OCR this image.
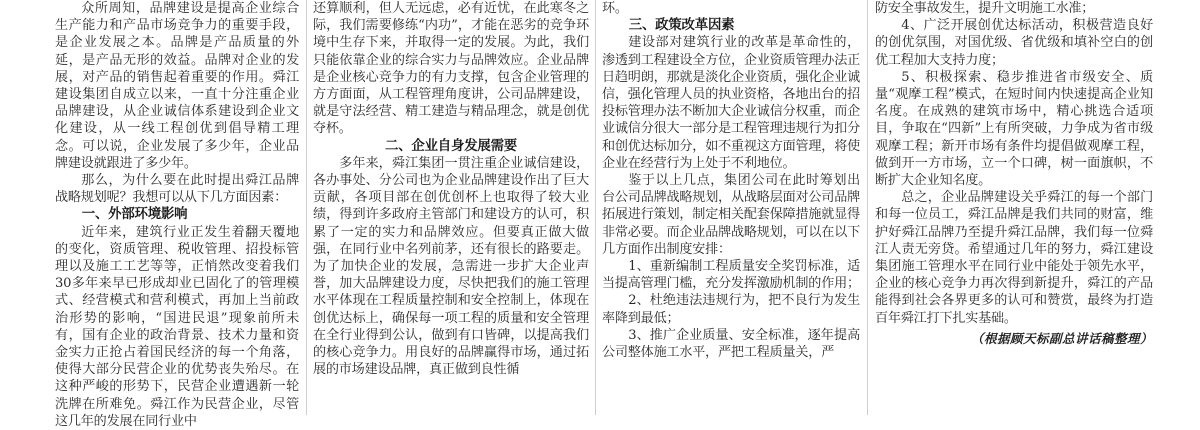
众所周知，品牌建设是提高企业综合生产能力和产品市场竞争力的重要手段，是企业发展之本。品牌是产品质量的外延，是产品无形的效益。品牌对企业的发展，对产品的销售起着重要的作用。舜江建设集团自成立以来，一直十分注重企业品牌建设，从企业诚信体系建设到企业文化建设，从一线工程创优到倡导精工理念。可以说，企业发展了多少年，企业品牌建设就跟进了多少年。

那么，为什么要在此时提出舜江品牌战略规划呢？我想可以从下几方面因素：

一、外部环境影响

近年来，建筑行业正发生着翻天覆地的变化，资质管理、税收管理、招投标管理以及施工工艺等等，正悄然改变着我们30多年来早已形成却业已固化了的管理模式、经营模式和营利模式，再加上当前政治形势的影响，“国进民退”现象前所未有，国有企业的政治背景、技术力量和资金实力正抢占着国民经济的每一个角落，使得大部分民营企业的优势丧失殆尽。在这种严峻的形势下，民营企业遭遇新一轮洗牌在所难免。舜江作为民营企业，尽管这几年的发展在同行业中

还算顺利，但人无远虑，必有近忧，在此寒冬之际，我们需要修练“内功”，才能在恶劣的竞争环境中生存下来，并取得一定的发展。为此，我们只能依靠企业的综合实力与品牌效应。企业品牌是企业核心竞争力的有力支撑，包含企业管理的方方面面，从工程管理角度讲，公司品牌建设，就是守法经营、精工建造与精品理念，就是创优夺杯。

二、企业自身发展需要

多年来，舜江集团一贯注重企业诚信建设，各办事处、分公司也为企业品牌建设作出了巨大贡献，各项目部在创优创杯上也取得了较大业绩，得到许多政府主管部门和建设方的认可，积累了一定的实力和品牌效应。但要真正做大做强，在同行业中名列前茅，还有很长的路要走。为了加快企业的发展，急需进一步扩大企业声誉，加大品牌建设力度，尽快把我们的施工管理水平体现在工程质量控制和安全控制上，体现在创优达标上，确保每一项工程的质量和安全管理在全行业得到公认，做到有口皆碑，以提高我们的核心竞争力。用良好的品牌赢得市场，通过拓展的市场建设品牌，真正做到良性循

环。

三、政策改革因素

建设部对建筑行业的改革是革命性的，渗透到工程建设全方位，企业资质管理办法正日趋明朗，那就是淡化企业资质，强化企业诚信，强化管理人员的执业资格，各地出台的招投标管理办法不断加大企业诚信分权重，而企业诚信分很大一部分是工程管理违规行为扣分和创优达标加分，如不重视这方面管理，将使企业在经营行为上处于不利地位。

鉴于以上几点，集团公司在此时筹划出台公司品牌战略规划，从战略层面对公司品牌拓展进行策划，制定相关配套保障措施就显得非常必要。而企业品牌战略规划，可以在以下几方面作出制度安排：

1、重新编制工程质量安全奖罚标准，适当提高管理门槛，充分发挥激励机制的作用；

2、杜绝违法违规行为，把不良行为发生率降到最低；

3、推广企业质量、安全标准，逐年提高公司整体施工水平，严把工程质量关，严

防安全事故发生，提升文明施工水准；

4、广泛开展创优达标活动，积极营造良好的创优氛围，对国优级、省优级和填补空白的创优工程加大支持力度；

5、积极探索、稳步推进省市级安全、质量“观摩工程”模式，在短时间内快速提高企业知名度。在成熟的建筑市场中，精心挑选合适项目，争取在“四新”上有所突破，力争成为省市级观摩工程；新开市场有条件均提倡做观摩工程，做到开一方市场，立一个口碑，树一面旗帜，不断扩大企业知名度。

总之，企业品牌建设关乎舜江的每一个部门和每一位员工，舜江品牌是我们共同的财富，维护好舜江品牌乃至提升舜江品牌，我们每一位舜江人责无旁贷。希望通过几年的努力，舜江建设集团施工管理水平在同行业中能处于领先水平，企业的核心竞争力再次得到新提升，舜江的产品能得到社会各界更多的认可和赞赏，最终为打造百年舜江打下扎实基础。

（根据顾天标副总讲话稿整理）
